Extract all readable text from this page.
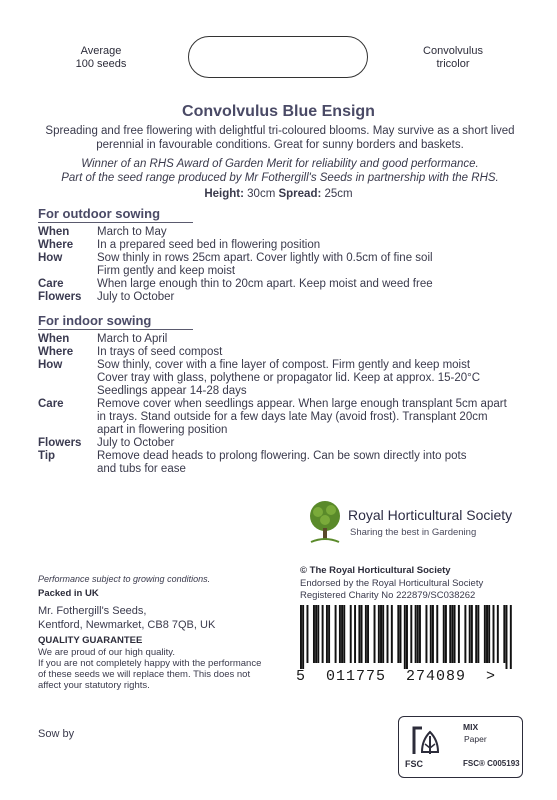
Average
100 seeds
Convolvulus
tricolor
Convolvulus Blue Ensign
Spreading and free flowering with delightful tri-coloured blooms. May survive as a short lived perennial in favourable conditions. Great for sunny borders and baskets.
Winner of an RHS Award of Garden Merit for reliability and good performance.
Part of the seed range produced by Mr Fothergill's Seeds in partnership with the RHS.
Height: 30cm Spread: 25cm
For outdoor sowing
When	March to May
Where	In a prepared seed bed in flowering position
How	Sow thinly in rows 25cm apart. Cover lightly with 0.5cm of fine soil
Firm gently and keep moist
Care	When large enough thin to 20cm apart. Keep moist and weed free
Flowers	July to October
For indoor sowing
When	March to April
Where	In trays of seed compost
How	Sow thinly, cover with a fine layer of compost. Firm gently and keep moist
Cover tray with glass, polythene or propagator lid. Keep at approx. 15-20°C
Seedlings appear 14-28 days
Care	Remove cover when seedlings appear. When large enough transplant 5cm apart
in trays. Stand outside for a few days late May (avoid frost). Transplant 20cm
apart in flowering position
Flowers	July to October
Tip	Remove dead heads to prolong flowering. Can be sown directly into pots
and tubs for ease
Royal Horticultural Society
Sharing the best in Gardening
Performance subject to growing conditions.
Packed in UK
Mr. Fothergill's Seeds,
Kentford, Newmarket, CB8 7QB, UK
QUALITY GUARANTEE
We are proud of our high quality.
If you are not completely happy with the performance
of these seeds we will replace them. This does not
affect your statutory rights.
© The Royal Horticultural Society
Endorsed by the Royal Horticultural Society
Registered Charity No 222879/SC038262
5  011775  274089  >
Sow by
FSC
MIX
Paper
FSC® C005193
